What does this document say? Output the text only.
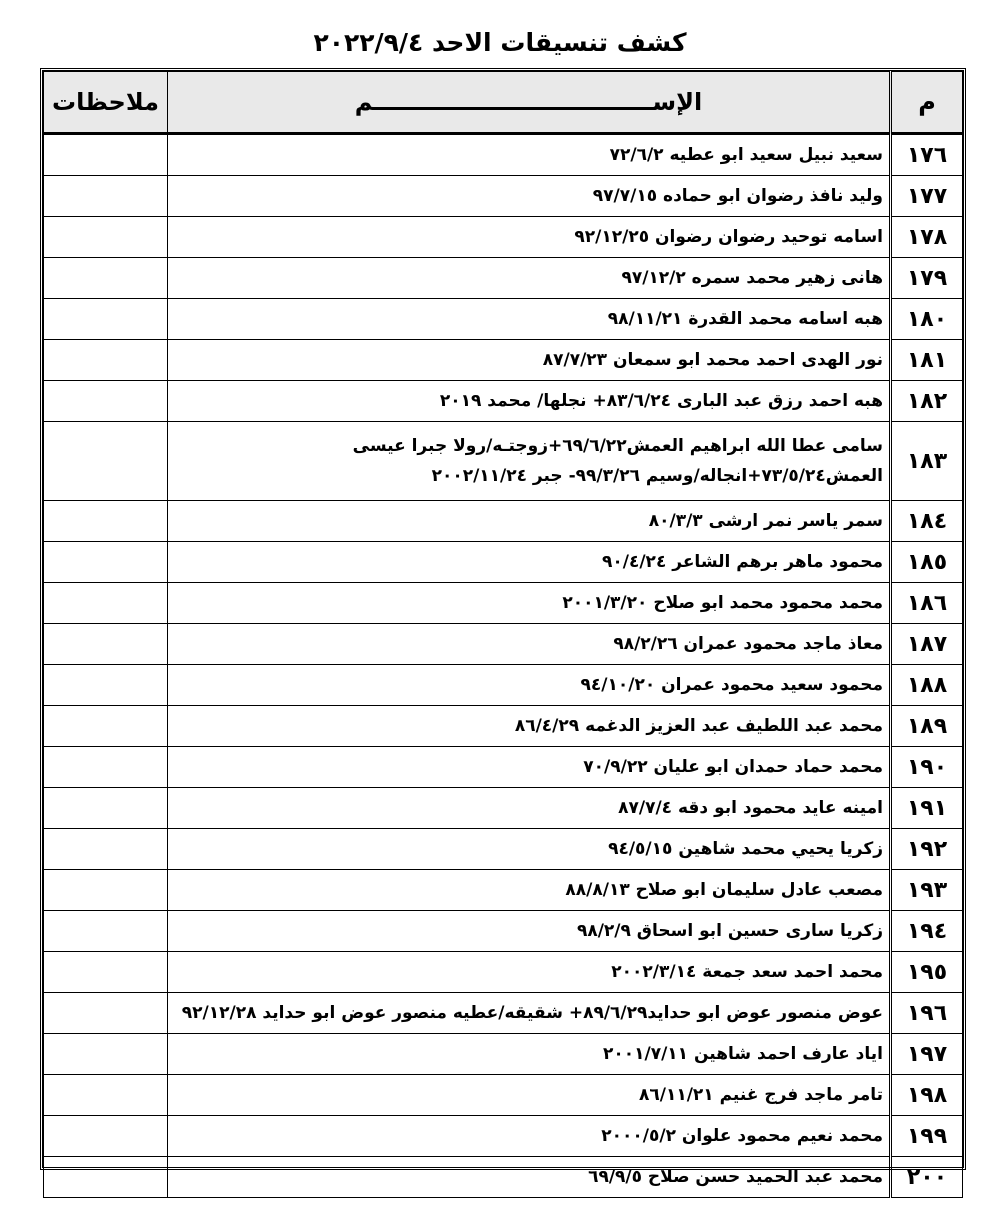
كشف تنسيقات الاحد ٢٠٢٢/٩/٤
م	الإســــــــــــــــــــــــــــــــــم	ملاحظات
١٧٦	سعيد نبيل سعيد ابو عطيه ٧٢/٦/٢	
١٧٧	وليد نافذ رضوان ابو حماده ٩٧/٧/١٥	
١٧٨	اسامه توحيد رضوان رضوان ٩٢/١٢/٢٥	
١٧٩	هانى زهير محمد سمره ٩٧/١٢/٢	
١٨٠	هبه اسامه محمد القدرة ٩٨/١١/٢١	
١٨١	نور الهدى احمد محمد ابو سمعان ٨٧/٧/٢٣	
١٨٢	هبه احمد رزق عبد البارى ٨٣/٦/٢٤+ نجلها/ محمد ٢٠١٩	
١٨٣	سامى عطا الله ابراهيم العمش٦٩/٦/٢٢+زوجتـه/رولا جبرا عيسى العمش٧٣/٥/٢٤+انجاله/وسيم ٩٩/٣/٢٦- جبر ٢٠٠٢/١١/٢٤	
١٨٤	سمر ياسر نمر ارشى ٨٠/٣/٣	
١٨٥	محمود ماهر برهم الشاعر ٩٠/٤/٢٤	
١٨٦	محمد محمود محمد ابو صلاح ٢٠٠١/٣/٢٠	
١٨٧	معاذ ماجد محمود عمران ٩٨/٢/٢٦	
١٨٨	محمود سعيد محمود عمران ٩٤/١٠/٢٠	
١٨٩	محمد عبد اللطيف عبد العزيز الدغمه ٨٦/٤/٢٩	
١٩٠	محمد حماد حمدان ابو عليان ٧٠/٩/٢٢	
١٩١	امينه عايد محمود ابو دقه ٨٧/٧/٤	
١٩٢	زكريا يحيي محمد شاهين ٩٤/٥/١٥	
١٩٣	مصعب عادل سليمان ابو صلاح ٨٨/٨/١٣	
١٩٤	زكريا سارى حسين ابو اسحاق ٩٨/٢/٩	
١٩٥	محمد احمد سعد جمعة ٢٠٠٢/٣/١٤	
١٩٦	عوض منصور عوض ابو حدايد٨٩/٦/٢٩+ شقيقه/عطيه منصور عوض ابو حدايد ٩٢/١٢/٢٨	
١٩٧	اياد عارف احمد شاهين ٢٠٠١/٧/١١	
١٩٨	تامر ماجد فرج غنيم ٨٦/١١/٢١	
١٩٩	محمد نعيم محمود علوان ٢٠٠٠/٥/٢	
٢٠٠	محمد عبد الحميد حسن صلاح ٦٩/٩/٥	
